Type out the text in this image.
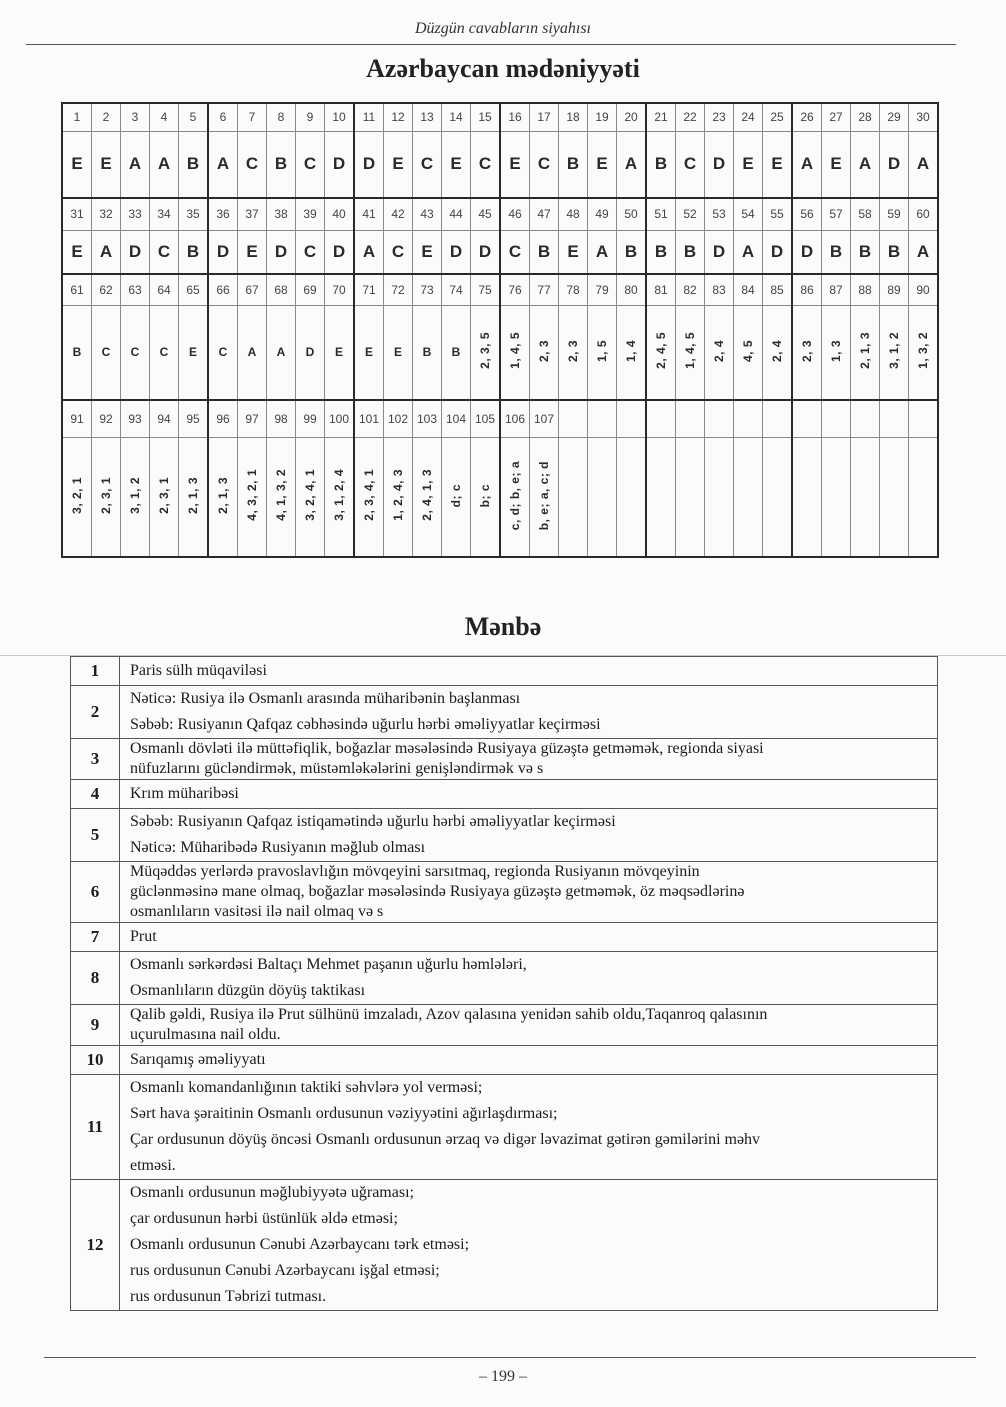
Düzgün cavabların siyahısı
Azərbaycan mədəniyyəti
1	2	3	4	5	6	7	8	9	10	11	12	13	14	15	16	17	18	19	20	21	22	23	24	25	26	27	28	29	30
E	E	A	A	B	A	C	B	C	D	D	E	C	E	C	E	C	B	E	A	B	C	D	E	E	A	E	A	D	A
31	32	33	34	35	36	37	38	39	40	41	42	43	44	45	46	47	48	49	50	51	52	53	54	55	56	57	58	59	60
E	A	D	C	B	D	E	D	C	D	A	C	E	D	D	C	B	E	A	B	B	B	D	A	D	D	B	B	B	A
61	62	63	64	65	66	67	68	69	70	71	72	73	74	75	76	77	78	79	80	81	82	83	84	85	86	87	88	89	90
B	C	C	C	E	C	A	A	D	E	E	E	B	B	2, 3, 5	1, 4, 5	2, 3	2, 3	1, 5	1, 4	2, 4, 5	1, 4, 5	2, 4	4, 5	2, 4	2, 3	1, 3	2, 1, 3	3, 1, 2	1, 3, 2
91	92	93	94	95	96	97	98	99	100	101	102	103	104	105	106	107													
3, 2, 1	2, 3, 1	3, 1, 2	2, 3, 1	2, 1, 3	2, 1, 3	4, 3, 2, 1	4, 1, 3, 2	3, 2, 4, 1	3, 1, 2, 4	2, 3, 4, 1	1, 2, 4, 3	2, 4, 1, 3	d; c	b; c	c, d; b, e; a	b, e; a, c; d													
Mənbə
1	Paris sülh müqaviləsi

2	Nəticə: Rusiya ilə Osmanlı arasında müharibənin başlanması
Səbəb: Rusiyanın Qafqaz cəbhəsində uğurlu hərbi əməliyyatlar keçirməsi

3	Osmanlı dövləti ilə müttəfiqlik, boğazlar məsələsində Rusiyaya güzəştə getməmək, regionda siyasi
nüfuzlarını gücləndirmək, müstəmləkələrini genişləndirmək və s

4	Krım müharibəsi

5	Səbəb: Rusiyanın Qafqaz istiqamətində uğurlu hərbi əməliyyatlar keçirməsi
Nəticə: Müharibədə Rusiyanın məğlub olması

6	Müqəddəs yerlərdə pravoslavlığın mövqeyini sarsıtmaq, regionda Rusiyanın mövqeyinin
güclənməsinə mane olmaq, boğazlar məsələsində Rusiyaya güzəştə getməmək, öz məqsədlərinə
osmanlıların vasitəsi ilə nail olmaq və s

7	Prut

8	Osmanlı sərkərdəsi Baltaçı Mehmet paşanın uğurlu həmlələri,
Osmanlıların düzgün döyüş taktikası

9	Qalib gəldi, Rusiya ilə Prut sülhünü imzaladı, Azov qalasına yenidən sahib oldu,Taqanroq qalasının
uçurulmasına nail oldu.

10	Sarıqamış əməliyyatı

11	Osmanlı komandanlığının taktiki səhvlərə yol verməsi;
Sərt hava şəraitinin Osmanlı ordusunun vəziyyətini ağırlaşdırması;
Çar ordusunun döyüş öncəsi Osmanlı ordusunun ərzaq və digər ləvazimat gətirən gəmilərini məhv
etməsi.

12	Osmanlı ordusunun məğlubiyyətə uğraması;
çar ordusunun hərbi üstünlük əldə etməsi;
Osmanlı ordusunun Cənubi Azərbaycanı tərk etməsi;
rus ordusunun Cənubi Azərbaycanı işğal etməsi;
rus ordusunun Təbrizi tutması.
– 199 –
